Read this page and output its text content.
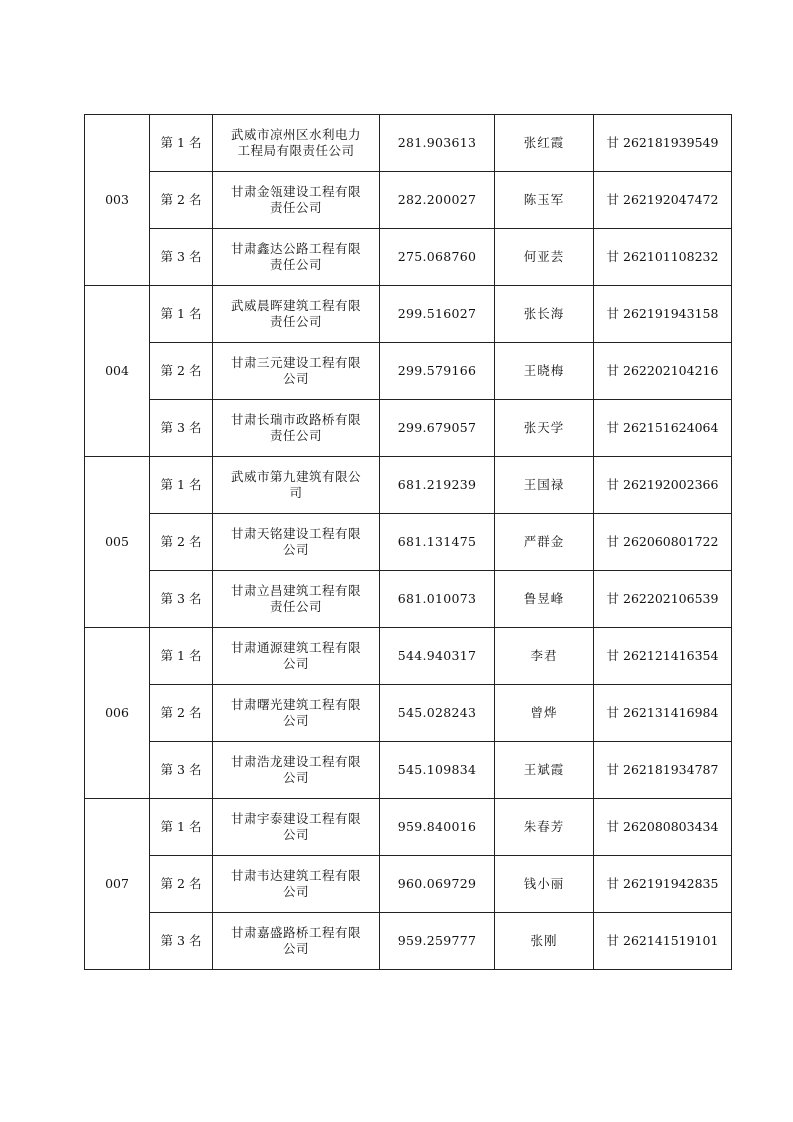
003	第 1 名	武威市凉州区水利电力工程局有限责任公司	281.903613	张红霞	甘 262181939549
	第 2 名	甘肃金瓴建设工程有限责任公司	282.200027	陈玉军	甘 262192047472
	第 3 名	甘肃鑫达公路工程有限责任公司	275.068760	何亚芸	甘 262101108232
004	第 1 名	武威晨晖建筑工程有限责任公司	299.516027	张长海	甘 262191943158
	第 2 名	甘肃三元建设工程有限公司	299.579166	王晓梅	甘 262202104216
	第 3 名	甘肃长瑞市政路桥有限责任公司	299.679057	张天学	甘 262151624064
005	第 1 名	武威市第九建筑有限公司	681.219239	王国禄	甘 262192002366
	第 2 名	甘肃天铭建设工程有限公司	681.131475	严群金	甘 262060801722
	第 3 名	甘肃立昌建筑工程有限责任公司	681.010073	鲁昱峰	甘 262202106539
006	第 1 名	甘肃通源建筑工程有限公司	544.940317	李君	甘 262121416354
	第 2 名	甘肃曙光建筑工程有限公司	545.028243	曾烨	甘 262131416984
	第 3 名	甘肃浩龙建设工程有限公司	545.109834	王斌霞	甘 262181934787
007	第 1 名	甘肃宇泰建设工程有限公司	959.840016	朱春芳	甘 262080803434
	第 2 名	甘肃韦达建筑工程有限公司	960.069729	钱小丽	甘 262191942835
	第 3 名	甘肃嘉盛路桥工程有限公司	959.259777	张刚	甘 262141519101
